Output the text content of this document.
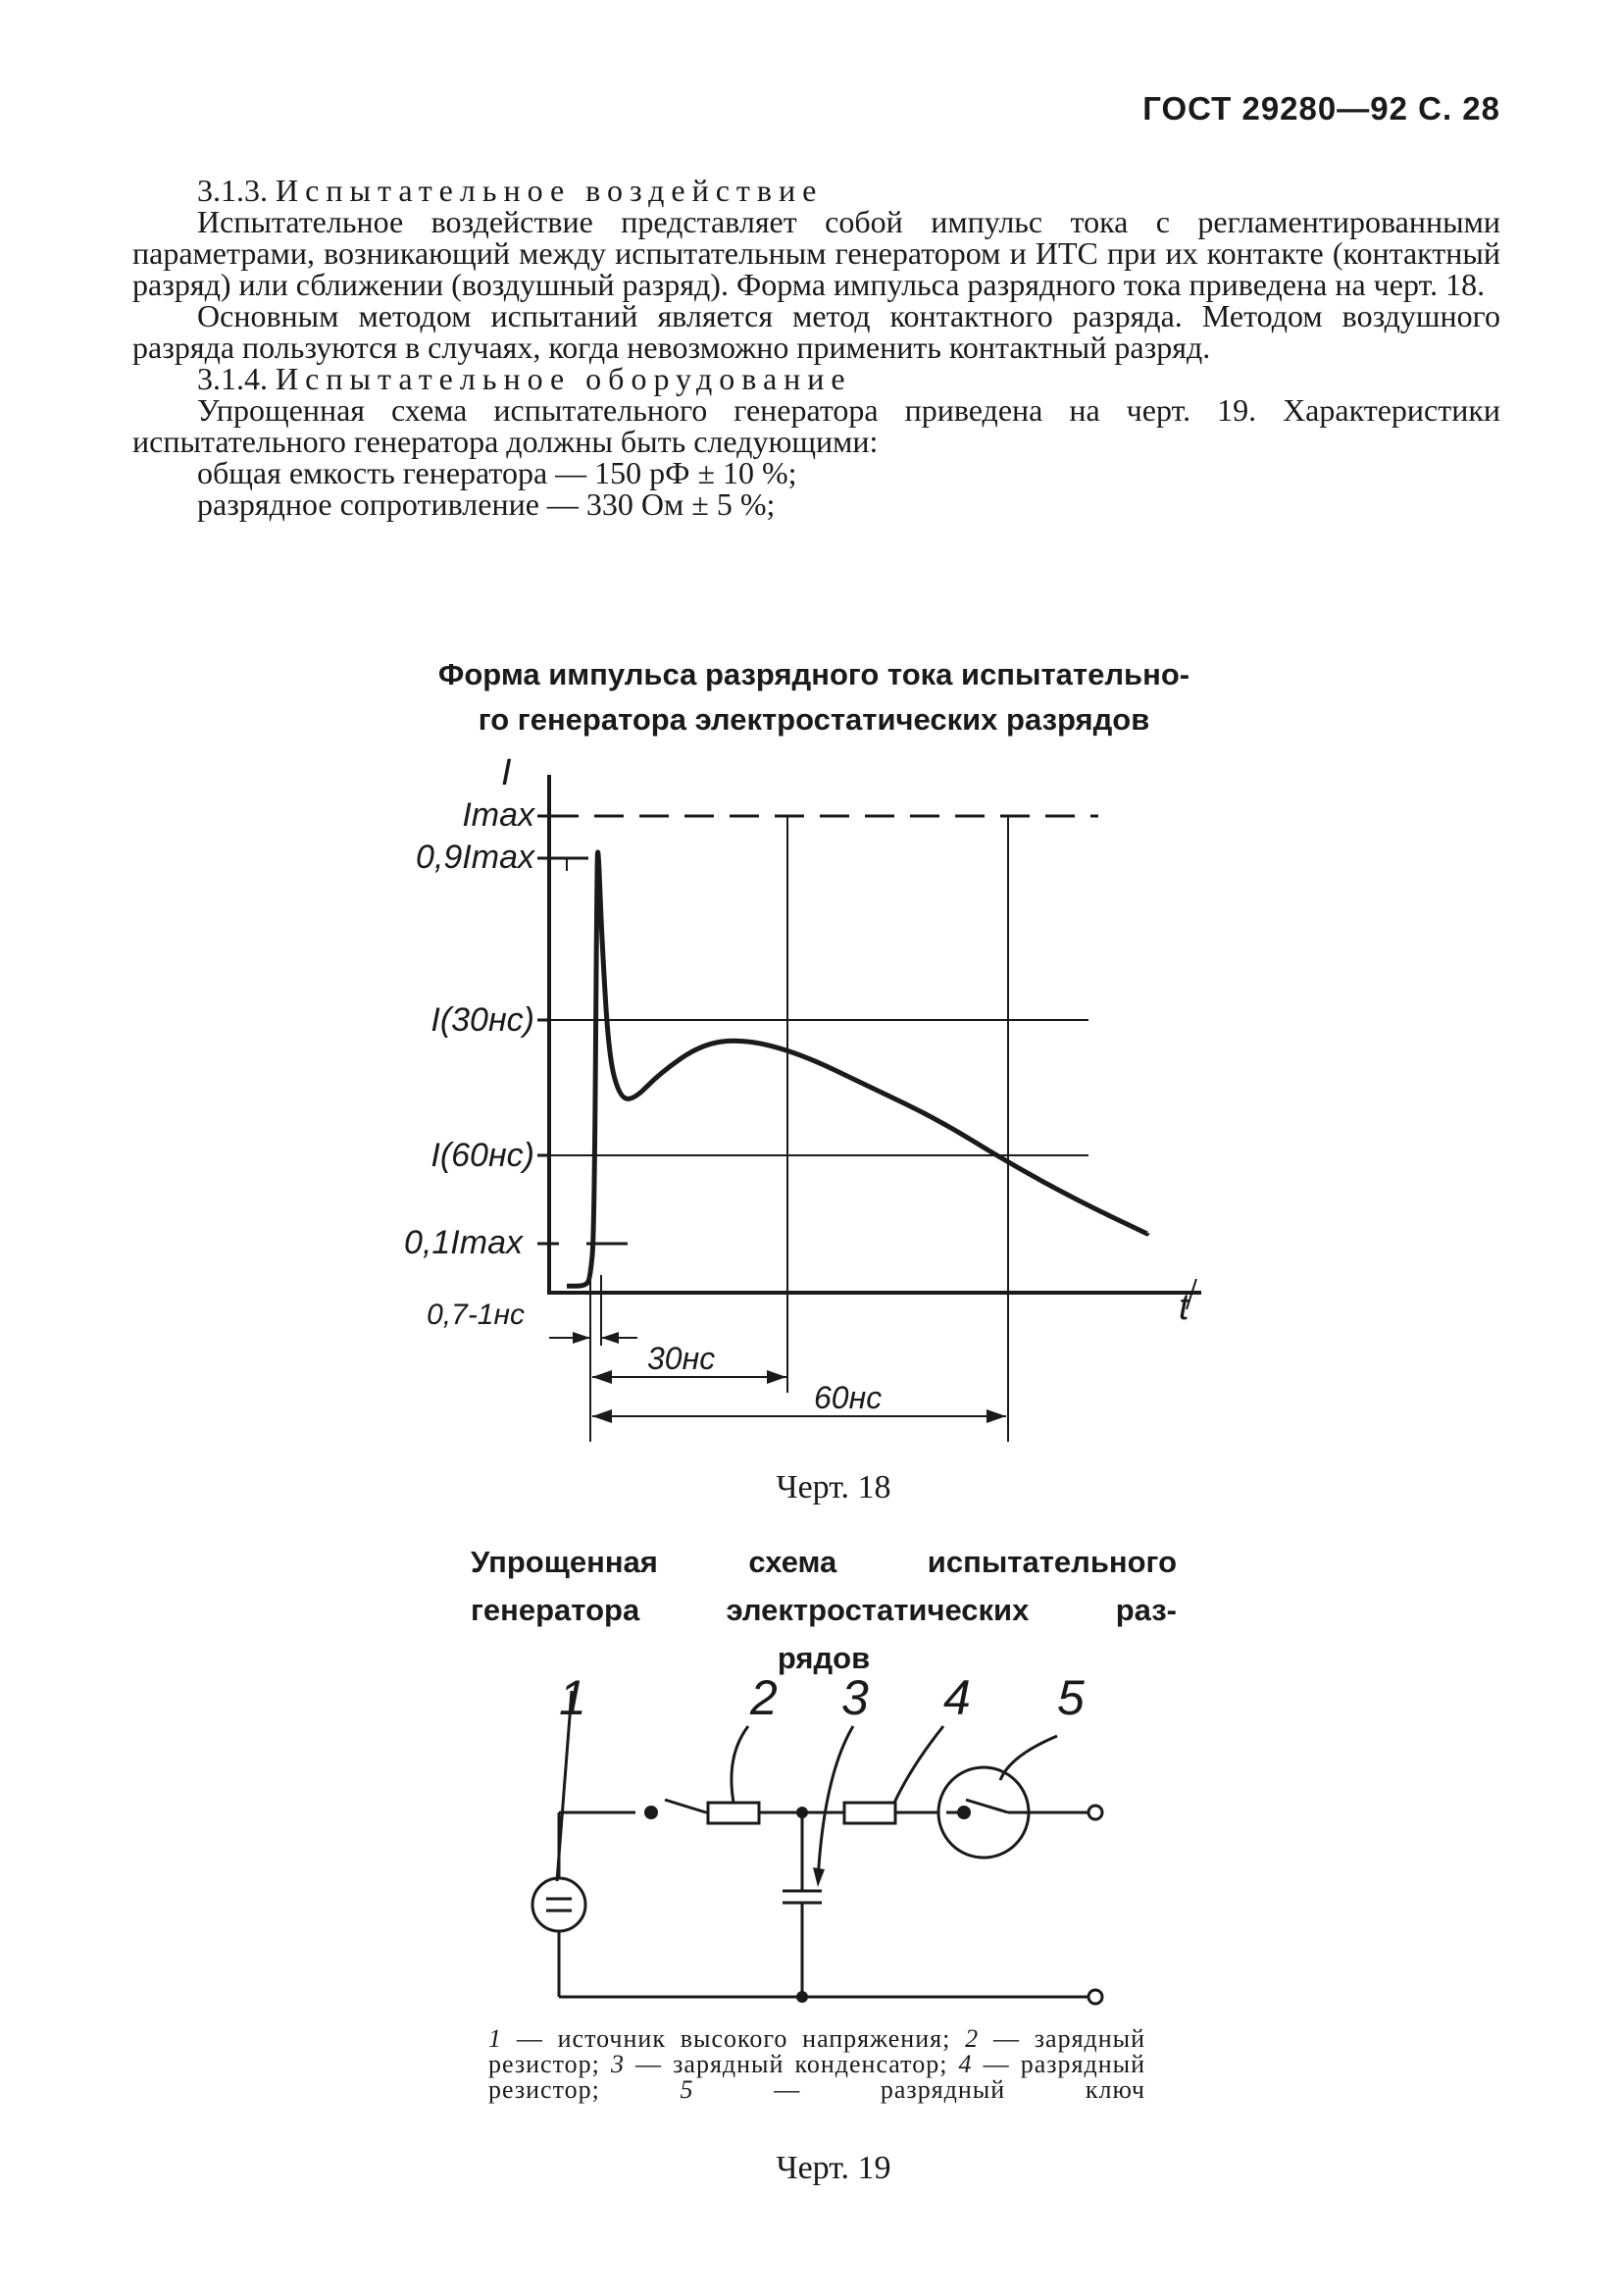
ГОСТ 29280—92 С. 28

3.1.3. Испытательное воздействие

Испытательное воздействие представляет собой импульс тока с регламентированными параметрами, возникающий между испытательным генератором и ИТС при их контакте (контактный разряд) или сближении (воздушный разряд). Форма импульса разрядного тока приведена на черт. 18.

Основным методом испытаний является метод контактного разряда. Методом воздушного разряда пользуются в случаях, когда невозможно применить контактный разряд.

3.1.4. Испытательное оборудование

Упрощенная схема испытательного генератора приведена на черт. 19. Характеристики испытательного генератора должны быть следующими:

общая емкость генератора — 150 рФ ± 10 %;

разрядное сопротивление — 330 Ом ± 5 %;

Форма импульса разрядного тока испытательно-
го генератора электростатических разрядов
I
t
Imax
0,9Imax
I(30нс)
I(60нс)
0,1Imax
0,7-1нс
30нс
60нс
Черт. 18
Упрощенная схема испытательного
генератора электростатических раз-
рядов
1	2 3 4 5
1 — источник высокого напряжения; 2 — зарядный резистор; 3 — зарядный конденсатор; 4 — разрядный резистор;	5	— разрядный ключ
Черт. 19
